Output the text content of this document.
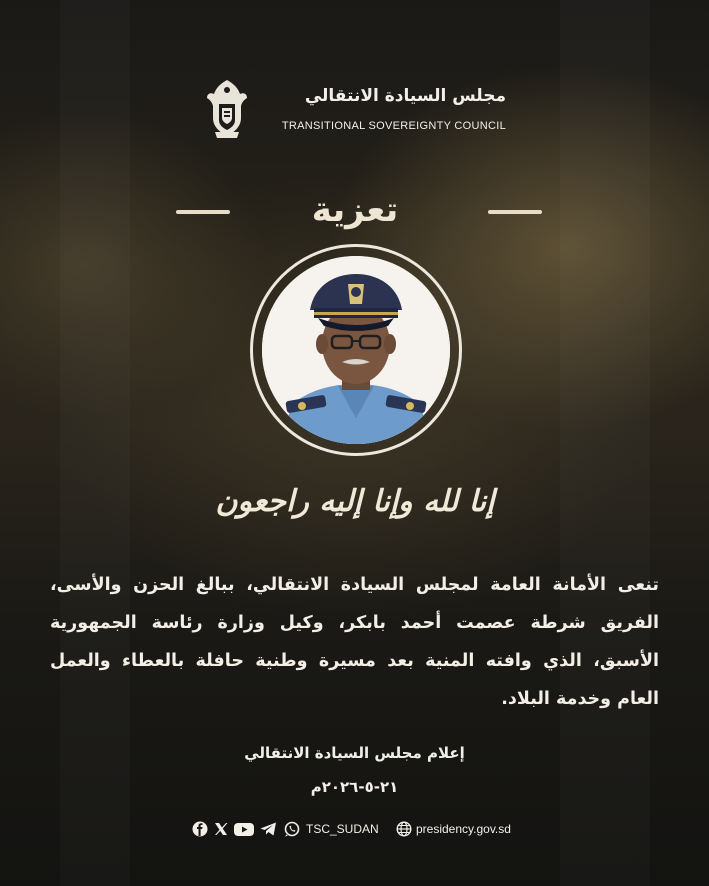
مجلس السيادة الانتقالي
TRANSITIONAL SOVEREIGNTY COUNCIL
تعزية
إنا لله وإنا إليه راجعون
تنعى الأمانة العامة لمجلس السيادة الانتقالي، ببالغ الحزن والأسى، الفريق شرطة عصمت أحمد بابكر، وكيل وزارة رئاسة الجمهورية الأسبق، الذي وافته المنية بعد مسيرة وطنية حافلة بالعطاء والعمل العام وخدمة البلاد.
إعلام مجلس السيادة الانتقالي
٢١-٥-٢٠٢٦م
TSC_SUDAN	presidency.gov.sd
